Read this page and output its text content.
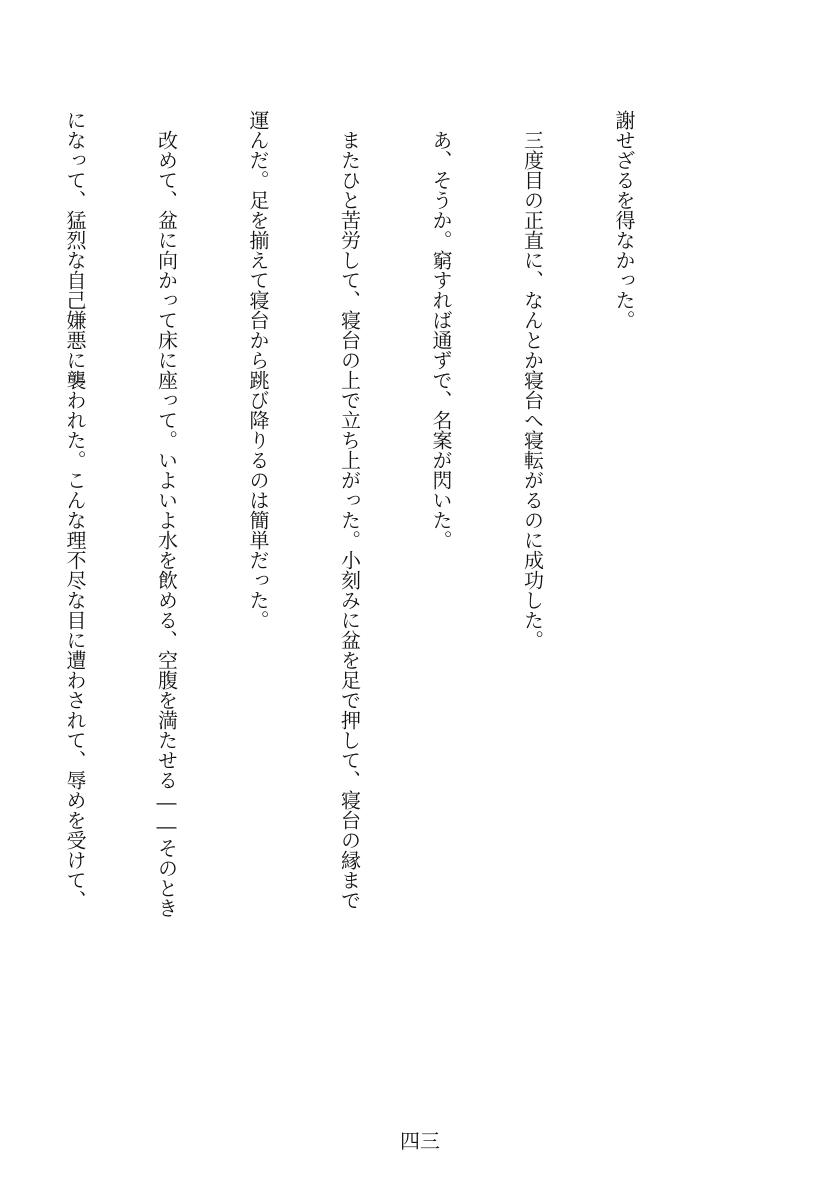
謝せざるを得なかった。

　三度目の正直に、なんとか寝台へ寝転がるのに成功した。

　あ、そうか。窮すれば通ずで、名案が閃いた。

　またひと苦労して、寝台の上で立ち上がった。小刻みに盆を足で押して、寝台の縁まで

運んだ。足を揃えて寝台から跳び降りるのは簡単だった。

　改めて、盆に向かって床に座って。いよいよ水を飲める、空腹を満たせる――そのとき

になって、猛烈な自己嫌悪に襲われた。こんな理不尽な目に遭わされて、辱めを受けて、

四三
